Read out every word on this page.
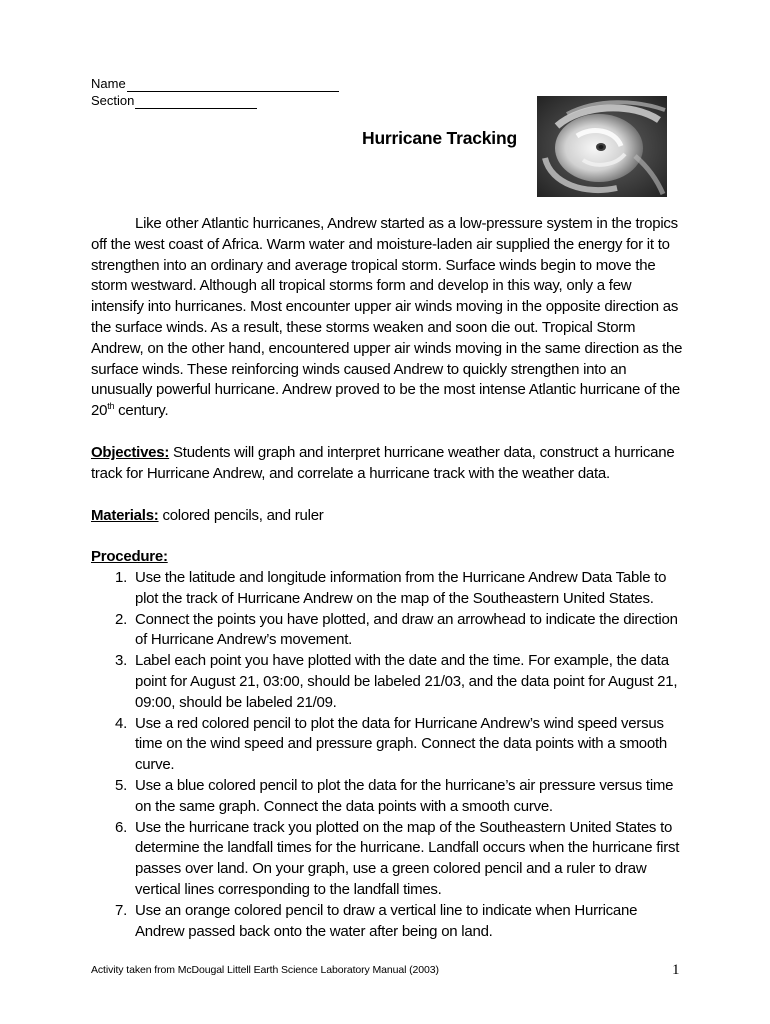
Name
Section
Hurricane Tracking
Like other Atlantic hurricanes, Andrew started as a low-pressure system in the tropics off the west coast of Africa. Warm water and moisture-laden air supplied the energy for it to strengthen into an ordinary and average tropical storm. Surface winds begin to move the storm westward. Although all tropical storms form and develop in this way, only a few intensify into hurricanes. Most encounter upper air winds moving in the opposite direction as the surface winds. As a result, these storms weaken and soon die out. Tropical Storm Andrew, on the other hand, encountered upper air winds moving in the same direction as the surface winds. These reinforcing winds caused Andrew to quickly strengthen into an unusually powerful hurricane. Andrew proved to be the most intense Atlantic hurricane of the 20th century.
Objectives: Students will graph and interpret hurricane weather data, construct a hurricane track for Hurricane Andrew, and correlate a hurricane track with the weather data.
Materials: colored pencils, and ruler
Procedure:
1. Use the latitude and longitude information from the Hurricane Andrew Data Table to plot the track of Hurricane Andrew on the map of the Southeastern United States.
2. Connect the points you have plotted, and draw an arrowhead to indicate the direction of Hurricane Andrew’s movement.
3. Label each point you have plotted with the date and the time. For example, the data point for August 21, 03:00, should be labeled 21/03, and the data point for August 21, 09:00, should be labeled 21/09.
4. Use a red colored pencil to plot the data for Hurricane Andrew’s wind speed versus time on the wind speed and pressure graph. Connect the data points with a smooth curve.
5. Use a blue colored pencil to plot the data for the hurricane’s air pressure versus time on the same graph. Connect the data points with a smooth curve.
6. Use the hurricane track you plotted on the map of the Southeastern United States to determine the landfall times for the hurricane. Landfall occurs when the hurricane first passes over land. On your graph, use a green colored pencil and a ruler to draw vertical lines corresponding to the landfall times.
7. Use an orange colored pencil to draw a vertical line to indicate when Hurricane Andrew passed back onto the water after being on land.
Activity taken from McDougal Littell Earth Science Laboratory Manual (2003)	1
